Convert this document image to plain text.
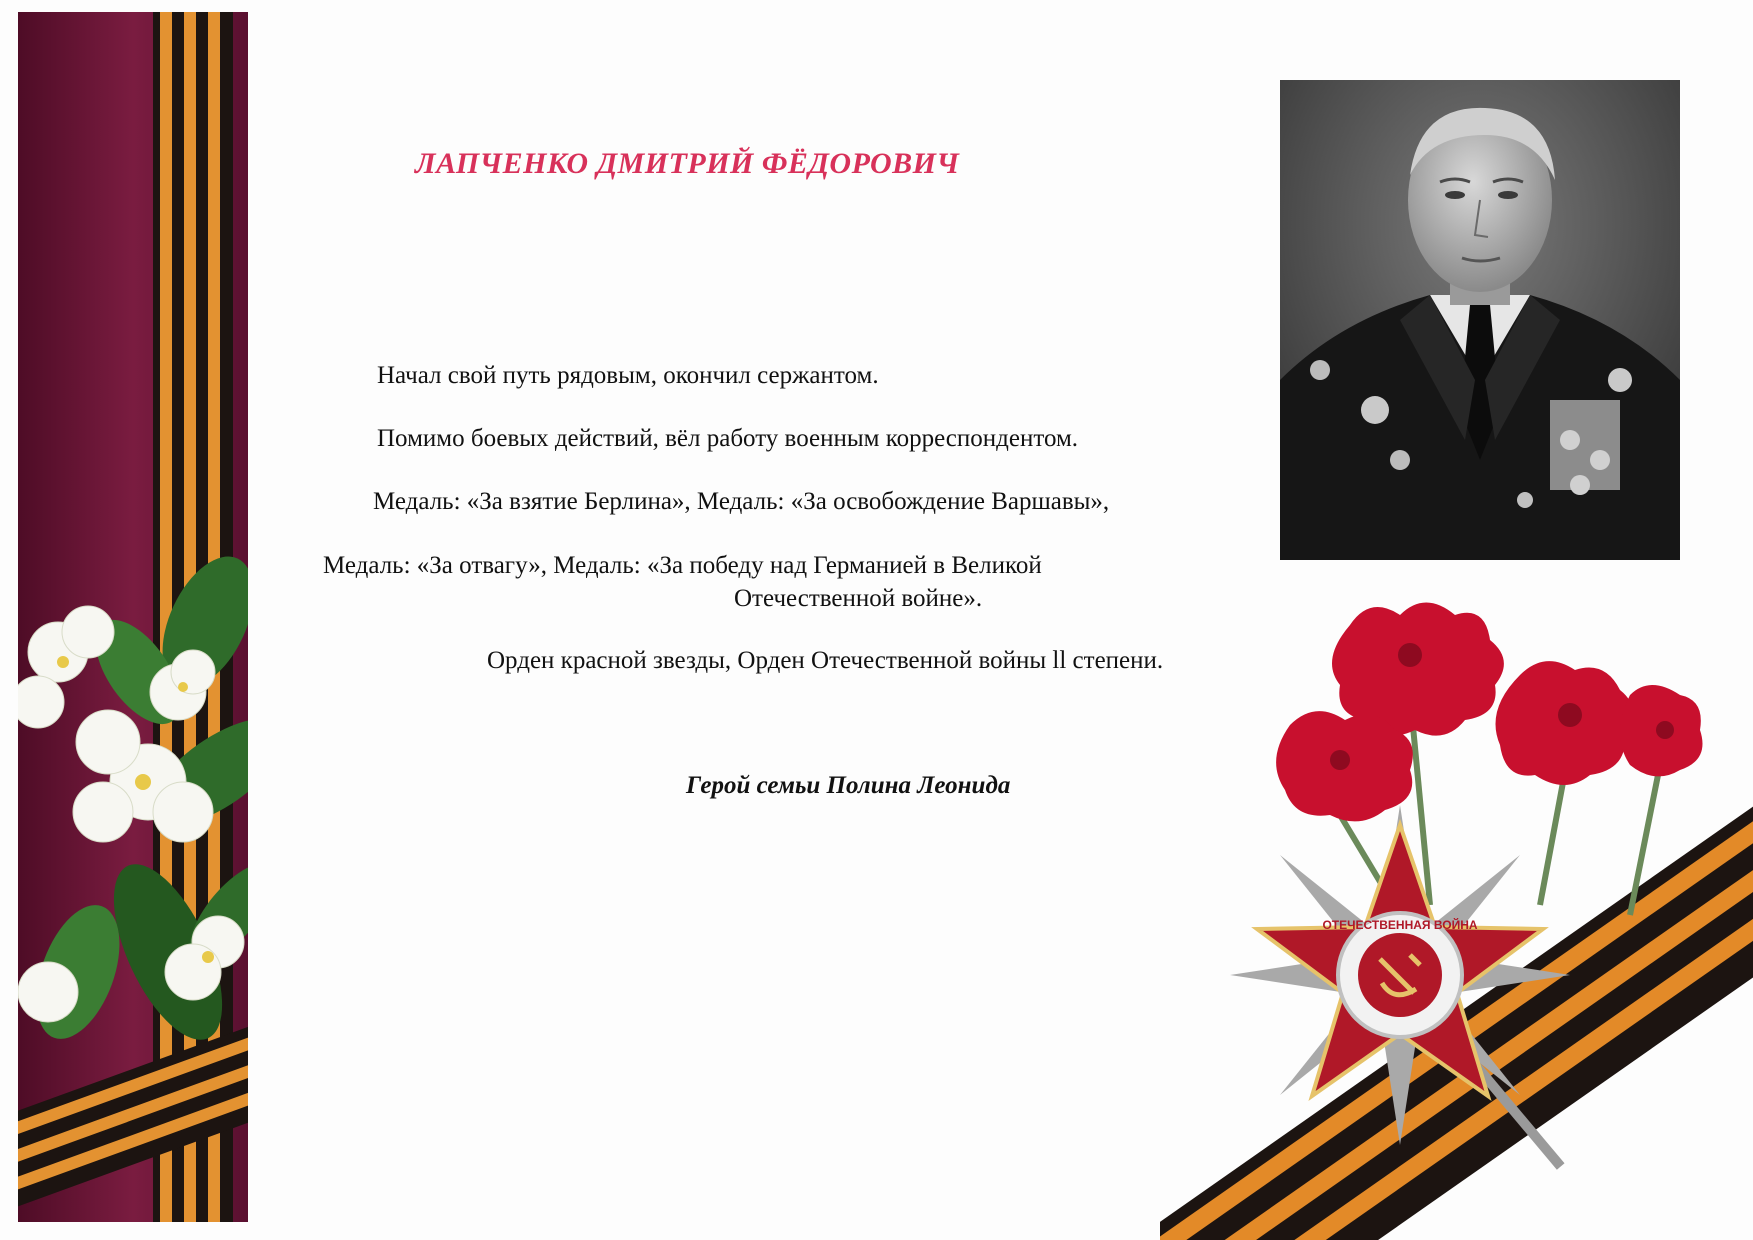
ЛАПЧЕНКО ДМИТРИЙ ФЁДОРОВИЧ
Начал свой путь рядовым, окончил сержантом.
Помимо боевых действий, вёл работу военным корреспондентом.
Медаль: «За взятие Берлина», Медаль: «За освобождение Варшавы»,
Медаль: «За отвагу», Медаль: «За победу над Германией в Великой
Отечественной войне».
Орден красной звезды, Орден Отечественной войны ll степени.
Герой семьи Полина Леонида
ОТЕЧЕСТВЕННАЯ ВОЙНА
